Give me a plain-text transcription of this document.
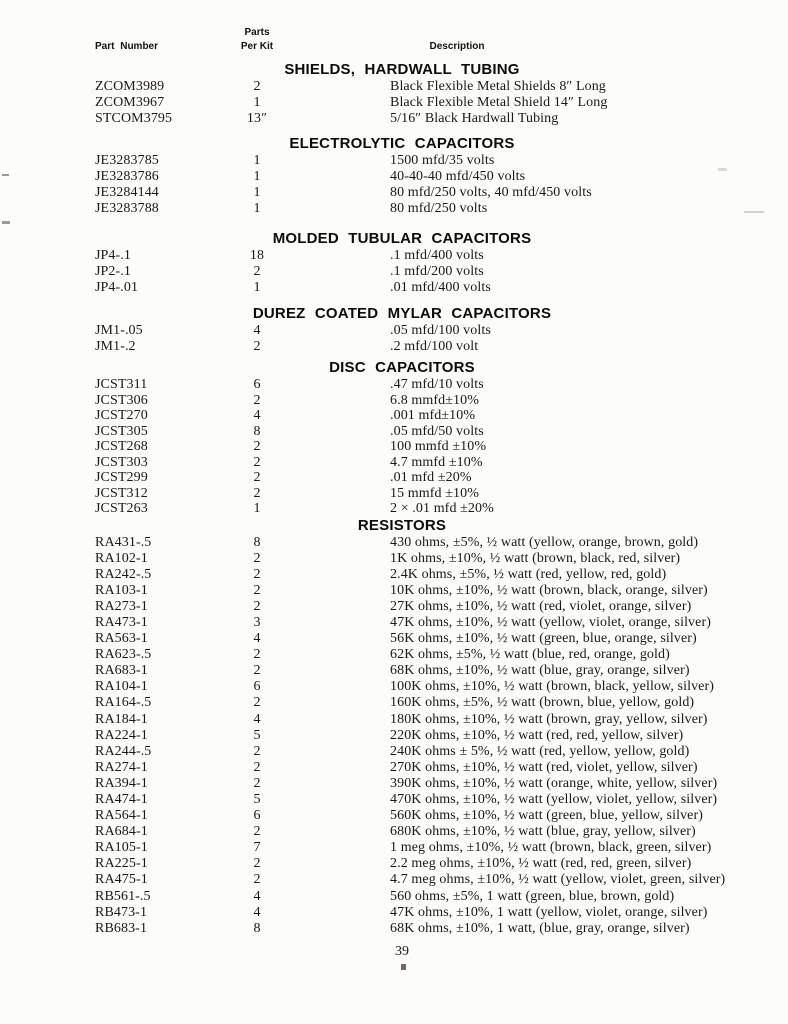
Parts
Part Number	Per Kit	Description
SHIELDS, HARDWALL TUBING
ZCOM3989	2	Black Flexible Metal Shields 8″ Long
ZCOM3967	1	Black Flexible Metal Shield 14″ Long
STCOM3795	13″	5/16″ Black Hardwall Tubing
ELECTROLYTIC CAPACITORS
JE3283785	1	1500 mfd/35 volts
JE3283786	1	40-40-40 mfd/450 volts
JE3284144	1	80 mfd/250 volts, 40 mfd/450 volts
JE3283788	1	80 mfd/250 volts
MOLDED TUBULAR CAPACITORS
JP4-.1	18	.1 mfd/400 volts
JP2-.1	2	.1 mfd/200 volts
JP4-.01	1	.01 mfd/400 volts
DUREZ COATED MYLAR CAPACITORS
JM1-.05	4	.05 mfd/100 volts
JM1-.2	2	.2 mfd/100 volt
DISC CAPACITORS
JCST311	6	.47 mfd/10 volts
JCST306	2	6.8 mmfd±10%
JCST270	4	.001 mfd±10%
JCST305	8	.05 mfd/50 volts
JCST268	2	100 mmfd ±10%
JCST303	2	4.7 mmfd ±10%
JCST299	2	.01 mfd ±20%
JCST312	2	15 mmfd ±10%
JCST263	1	2 × .01 mfd ±20%
RESISTORS
RA431-.5	8	430 ohms, ±5%, ½ watt (yellow, orange, brown, gold)
RA102-1	2	1K ohms, ±10%, ½ watt (brown, black, red, silver)
RA242-.5	2	2.4K ohms, ±5%, ½ watt (red, yellow, red, gold)
RA103-1	2	10K ohms, ±10%, ½ watt (brown, black, orange, silver)
RA273-1	2	27K ohms, ±10%, ½ watt (red, violet, orange, silver)
RA473-1	3	47K ohms, ±10%, ½ watt (yellow, violet, orange, silver)
RA563-1	4	56K ohms, ±10%, ½ watt (green, blue, orange, silver)
RA623-.5	2	62K ohms, ±5%, ½ watt (blue, red, orange, gold)
RA683-1	2	68K ohms, ±10%, ½ watt (blue, gray, orange, silver)
RA104-1	6	100K ohms, ±10%, ½ watt (brown, black, yellow, silver)
RA164-.5	2	160K ohms, ±5%, ½ watt (brown, blue, yellow, gold)
RA184-1	4	180K ohms, ±10%, ½ watt (brown, gray, yellow, silver)
RA224-1	5	220K ohms, ±10%, ½ watt (red, red, yellow, silver)
RA244-.5	2	240K ohms ± 5%, ½ watt (red, yellow, yellow, gold)
RA274-1	2	270K ohms, ±10%, ½ watt (red, violet, yellow, silver)
RA394-1	2	390K ohms, ±10%, ½ watt (orange, white, yellow, silver)
RA474-1	5	470K ohms, ±10%, ½ watt (yellow, violet, yellow, silver)
RA564-1	6	560K ohms, ±10%, ½ watt (green, blue, yellow, silver)
RA684-1	2	680K ohms, ±10%, ½ watt (blue, gray, yellow, silver)
RA105-1	7	1 meg ohms, ±10%, ½ watt (brown, black, green, silver)
RA225-1	2	2.2 meg ohms, ±10%, ½ watt (red, red, green, silver)
RA475-1	2	4.7 meg ohms, ±10%, ½ watt (yellow, violet, green, silver)
RB561-.5	4	560 ohms, ±5%, 1 watt (green, blue, brown, gold)
RB473-1	4	47K ohms, ±10%, 1 watt (yellow, violet, orange, silver)
RB683-1	8	68K ohms, ±10%, 1 watt, (blue, gray, orange, silver)
39
